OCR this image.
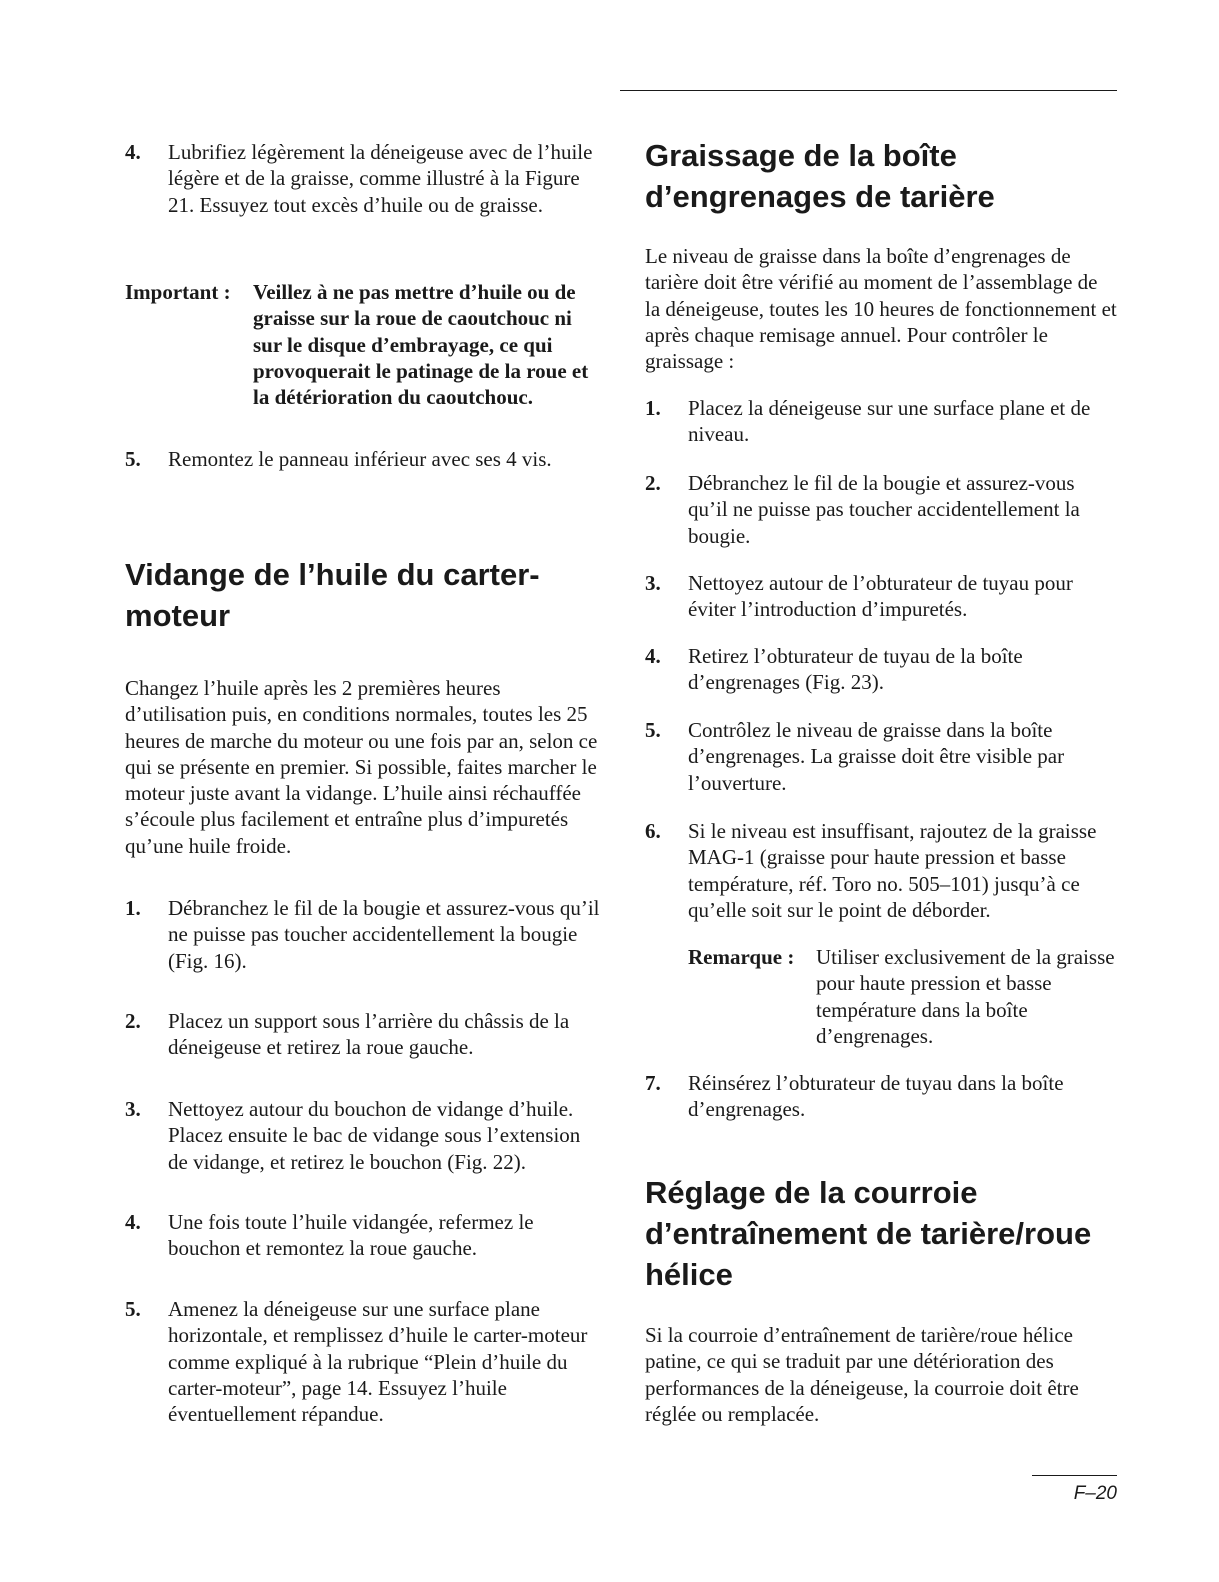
4. Lubrifiez légèrement la déneigeuse avec de l’huile légère et de la graisse, comme illustré à la Figure 21. Essuyez tout excès d’huile ou de graisse.
Important : Veillez à ne pas mettre d’huile ou de graisse sur la roue de caoutchouc ni sur le disque d’embrayage, ce qui provoquerait le patinage de la roue et la détérioration du caoutchouc.
5. Remontez le panneau inférieur avec ses 4 vis.
Vidange de l’huile du carter-moteur

Changez l’huile après les 2 premières heures d’utilisation puis, en conditions normales, toutes les 25 heures de marche du moteur ou une fois par an, selon ce qui se présente en premier. Si possible, faites marcher le moteur juste avant la vidange. L’huile ainsi réchauffée s’écoule plus facilement et entraîne plus d’impuretés qu’une huile froide.

1. Débranchez le fil de la bougie et assurez-vous qu’il ne puisse pas toucher accidentellement la bougie (Fig. 16).
2. Placez un support sous l’arrière du châssis de la déneigeuse et retirez la roue gauche.
3. Nettoyez autour du bouchon de vidange d’huile. Placez ensuite le bac de vidange sous l’extension de vidange, et retirez le bouchon (Fig. 22).
4. Une fois toute l’huile vidangée, refermez le bouchon et remontez la roue gauche.
5. Amenez la déneigeuse sur une surface plane horizontale, et remplissez d’huile le carter-moteur comme expliqué à la rubrique “Plein d’huile du carter-moteur”, page 14. Essuyez l’huile éventuellement répandue.
Graissage de la boîte d’engrenages de tarière

Le niveau de graisse dans la boîte d’engrenages de tarière doit être vérifié au moment de l’assemblage de la déneigeuse, toutes les 10 heures de fonctionnement et après chaque remisage annuel. Pour contrôler le graissage :

1. Placez la déneigeuse sur une surface plane et de niveau.
2. Débranchez le fil de la bougie et assurez-vous qu’il ne puisse pas toucher accidentellement la bougie.
3. Nettoyez autour de l’obturateur de tuyau pour éviter l’introduction d’impuretés.
4. Retirez l’obturateur de tuyau de la boîte d’engrenages (Fig. 23).
5. Contrôlez le niveau de graisse dans la boîte d’engrenages. La graisse doit être visible par l’ouverture.
6. Si le niveau est insuffisant, rajoutez de la graisse MAG-1 (graisse pour haute pression et basse température, réf. Toro no. 505–101) jusqu’à ce qu’elle soit sur le point de déborder.
Remarque : Utiliser exclusivement de la graisse pour haute pression et basse température dans la boîte d’engrenages.
7. Réinsérez l’obturateur de tuyau dans la boîte d’engrenages.
Réglage de la courroie d’entraînement de tarière/roue hélice

Si la courroie d’entraînement de tarière/roue hélice patine, ce qui se traduit par une détérioration des performances de la déneigeuse, la courroie doit être réglée ou remplacée.

F–20
